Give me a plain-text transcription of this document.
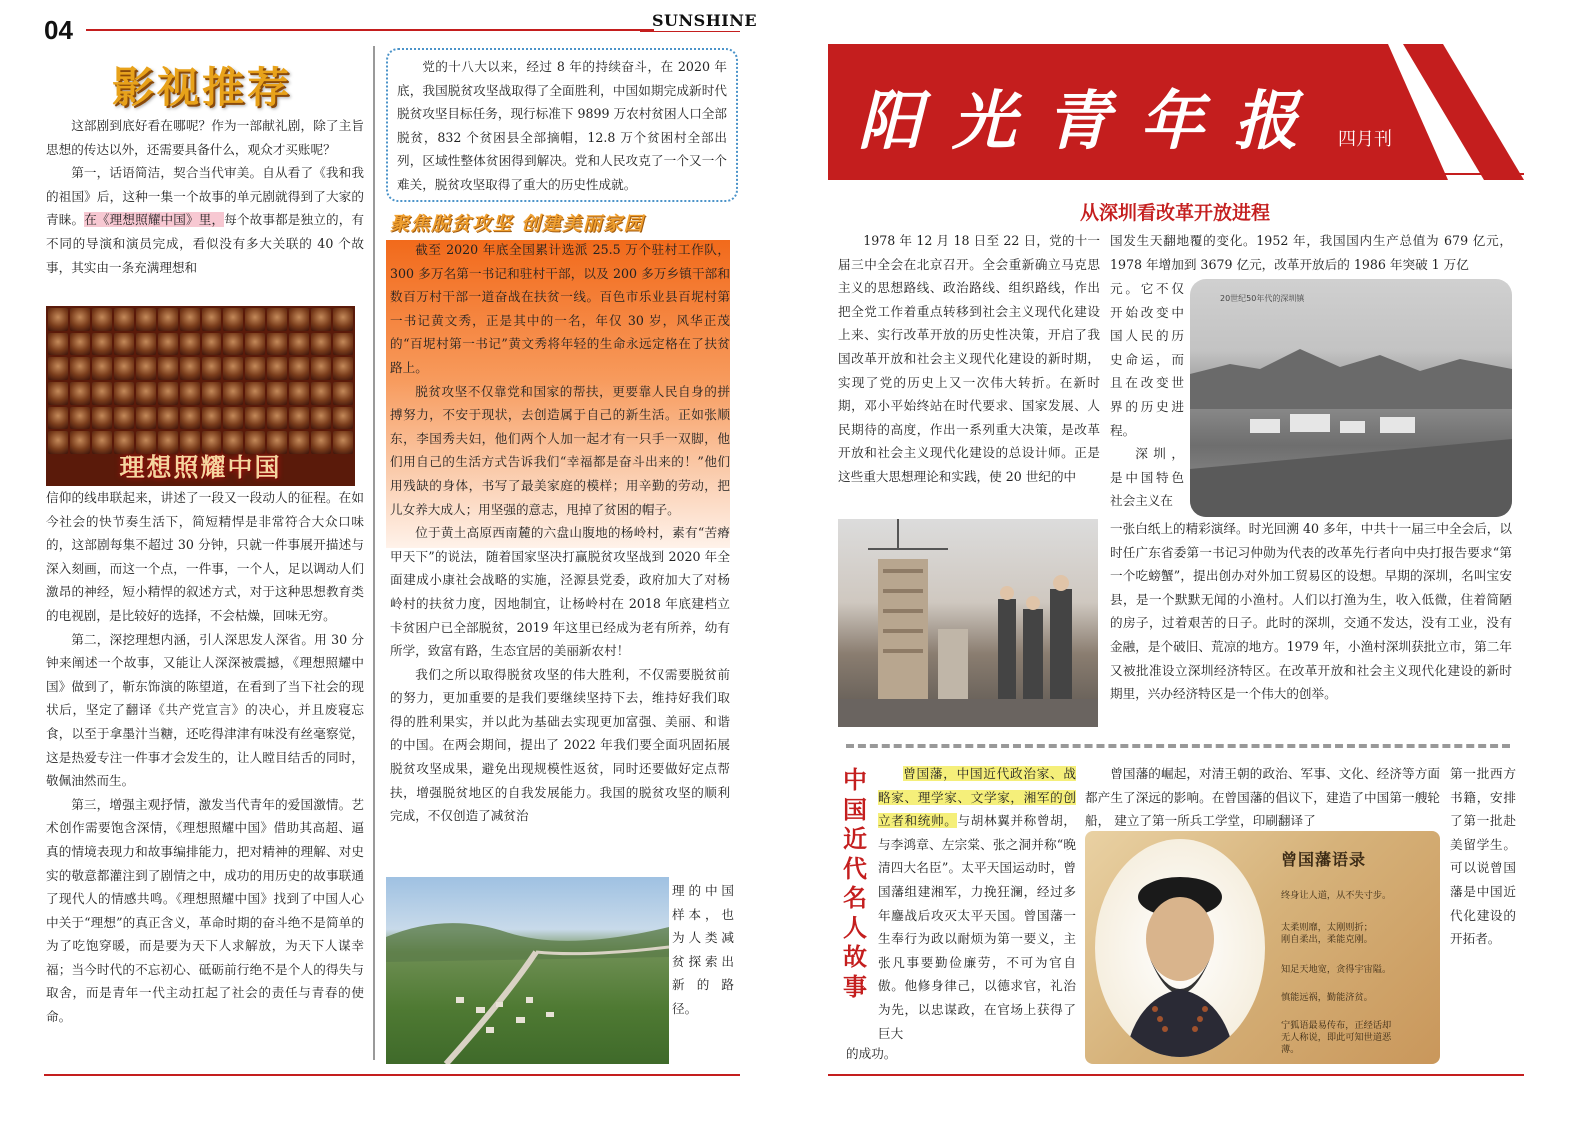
04	SUNSHINE
影视推荐

这部剧到底好看在哪呢？作为一部献礼剧，除了主旨思想的传达以外，还需要具备什么，观众才买账呢？

第一，话语简洁，契合当代审美。自从看了《我和我的祖国》后，这种一集一个故事的单元剧就得到了大家的青睐。在《理想照耀中国》里，每个故事都是独立的，有不同的导演和演员完成，看似没有多大关联的 40 个故事，其实由一条充满理想和

理想照耀中国

信仰的线串联起来，讲述了一段又一段动人的征程。在如今社会的快节奏生活下，简短精悍是非常符合大众口味的，这部剧每集不超过 30 分钟，只就一件事展开描述与深入刻画，而这一个点，一件事，一个人，足以调动人们激昂的神经，短小精悍的叙述方式，对于这种思想教育类的电视剧，是比较好的选择，不会枯燥，回味无穷。

第二，深挖理想内涵，引人深思发人深省。用 30 分钟来阐述一个故事，又能让人深深被震撼，《理想照耀中国》做到了，靳东饰演的陈望道，在看到了当下社会的现状后，坚定了翻译《共产党宣言》的决心，并且废寝忘食，以至于拿墨汁当糖，还吃得津津有味没有丝毫察觉，这是热爱专注一件事才会发生的，让人瞠目结舌的同时，敬佩油然而生。

第三，增强主观抒情，激发当代青年的爱国激情。艺术创作需要饱含深情，《理想照耀中国》借助其高超、逼真的情境表现力和故事编排能力，把对精神的理解、对史实的敬意都灌注到了剧情之中，成功的用历史的故事联通了现代人的情感共鸣。《理想照耀中国》找到了中国人心中关于“理想”的真正含义，革命时期的奋斗绝不是简单的为了吃饱穿暖，而是要为天下人求解放，为天下人谋幸福；当今时代的不忘初心、砥砺前行绝不是个人的得失与取舍，而是青年一代主动扛起了社会的责任与青春的使命。

党的十八大以来，经过 8 年的持续奋斗，在 2020 年底，我国脱贫攻坚战取得了全面胜利，中国如期完成新时代脱贫攻坚目标任务，现行标准下 9899 万农村贫困人口全部脱贫，832 个贫困县全部摘帽，12.8 万个贫困村全部出列，区域性整体贫困得到解决。党和人民攻克了一个又一个难关，脱贫攻坚取得了重大的历史性成就。

聚焦脱贫攻坚 创建美丽家园

截至 2020 年底全国累计选派 25.5 万个驻村工作队，300 多万名第一书记和驻村干部，以及 200 多万乡镇干部和数百万村干部一道奋战在扶贫一线。百色市乐业县百坭村第一书记黄文秀，正是其中的一名，年仅 30 岁，风华正茂的“百坭村第一书记”黄文秀将年轻的生命永远定格在了扶贫路上。

脱贫攻坚不仅靠党和国家的帮扶，更要靠人民自身的拼搏努力，不安于现状，去创造属于自己的新生活。正如张顺东，李国秀夫妇，他们两个人加一起才有一只手一双脚，他们用自己的生活方式告诉我们“幸福都是奋斗出来的！”他们用残缺的身体，书写了最美家庭的模样；用辛勤的劳动，把儿女养大成人；用坚强的意志，甩掉了贫困的帽子。

位于黄土高原西南麓的六盘山腹地的杨岭村，素有“苦瘠甲天下”的说法，随着国家坚决打赢脱贫攻坚战到 2020 年全面建成小康社会战略的实施，泾源县党委，政府加大了对杨岭村的扶贫力度，因地制宜，让杨岭村在 2018 年底建档立卡贫困户已全部脱贫，2019 年这里已经成为老有所养，幼有所学，致富有路，生态宜居的美丽新农村！

我们之所以取得脱贫攻坚的伟大胜利，不仅需要脱贫前的努力，更加重要的是我们要继续坚持下去，维持好我们取得的胜利果实，并以此为基础去实现更加富强、美丽、和谐的中国。在两会期间，提出了 2022 年我们要全面巩固拓展脱贫攻坚成果，避免出现规模性返贫，同时还要做好定点帮扶，增强脱贫地区的自我发展能力。我国的脱贫攻坚的顺利完成，不仅创造了减贫治

理的中国样本，也为人类减贫探索出新的路径。

阳光青年报 四月刊
从深圳看改革开放进程

1978 年 12 月 18 日至 22 日，党的十一届三中全会在北京召开。全会重新确立马克思主义的思想路线、政治路线、组织路线，作出把全党工作着重点转移到社会主义现代化建设上来、实行改革开放的历史性决策，开启了我国改革开放和社会主义现代化建设的新时期，实现了党的历史上又一次伟大转折。在新时期，邓小平始终站在时代要求、国家发展、人民期待的高度，作出一系列重大决策，是改革开放和社会主义现代化建设的总设计师。正是这些重大思想理论和实践，使 20 世纪的中

国发生天翻地覆的变化。1952 年，我国国内生产总值为 679 亿元，1978 年增加到 3679 亿元，改革开放后的 1986 年突破 1 万亿

元。它不仅开始改变中国人民的历史命运，而且在改变世界的历史进程。

深圳，是中国特色社会主义在

20世纪50年代的深圳镇

一张白纸上的精彩演绎。时光回溯 40 多年，中共十一届三中全会后，以时任广东省委第一书记习仲勋为代表的改革先行者向中央打报告要求“第一个吃螃蟹”，提出创办对外加工贸易区的设想。早期的深圳，名叫宝安县，是一个默默无闻的小渔村。人们以打渔为生，收入低微，住着简陋的房子，过着艰苦的日子。此时的深圳，交通不发达，没有工业，没有金融，是个破旧、荒凉的地方。1979 年，小渔村深圳获批立市，第二年又被批准设立深圳经济特区。在改革开放和社会主义现代化建设的新时期里，兴办经济特区是一个伟大的创举。

中国近代名人故事

曾国藩，中国近代政治家、战略家、理学家、文学家，湘军的创立者和统帅。与胡林翼并称曾胡，与李鸿章、左宗棠、张之洞并称“晚清四大名臣”。太平天国运动时，曾国藩组建湘军，力挽狂澜，经过多年鏖战后攻灭太平天国。曾国藩一生奉行为政以耐烦为第一要义，主张凡事要勤俭廉劳，不可为官自傲。他修身律己，以德求官，礼治为先，以忠谋政，在官场上获得了巨大

的成功。

曾国藩的崛起，对清王朝的政治、军事、文化、经济等方面都产生了深远的影响。在曾国藩的倡议下，建造了中国第一艘轮船， 建立了第一所兵工学堂，印刷翻译了

第一批西方书籍，安排了第一批赴美留学生。可以说曾国藩是中国近代化建设的开拓者。

曾国藩语录
终身让人道，从不失寸步。
太柔则靡，太刚则折；
刚自柔出，柔能克刚。
知足天地宽，贪得宇宙隘。
慎能远祸，勤能济贫。
宁狐语最易传布，正经话却
无人称说，即此可知世道恶
薄。
